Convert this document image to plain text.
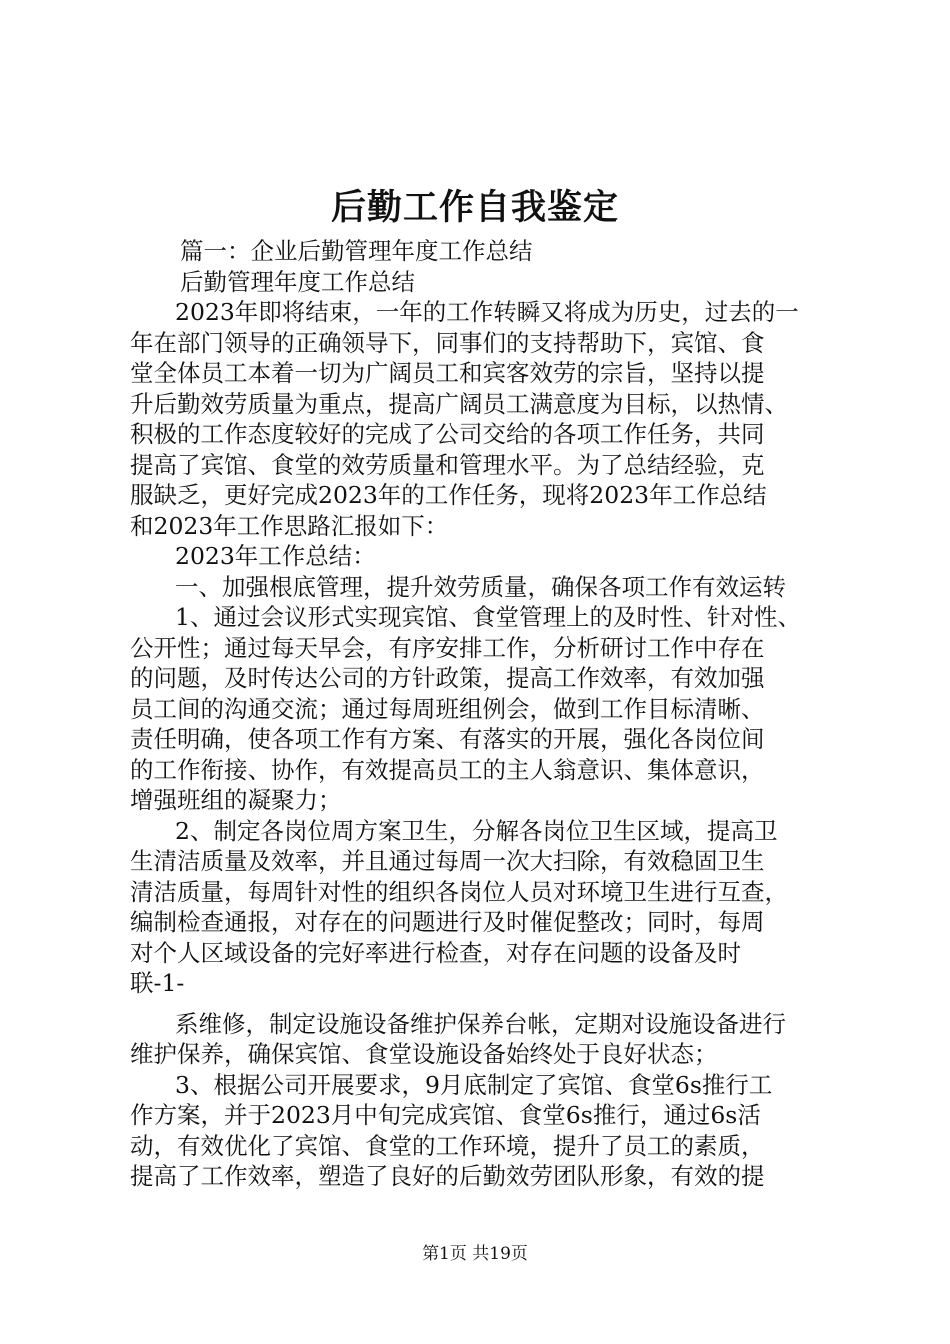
后勤工作自我鉴定
篇一：企业后勤管理年度工作总结
后勤管理年度工作总结
2023年即将结束，一年的工作转瞬又将成为历史，过去的一
年在部门领导的正确领导下，同事们的支持帮助下，宾馆、食
堂全体员工本着一切为广阔员工和宾客效劳的宗旨，坚持以提
升后勤效劳质量为重点，提高广阔员工满意度为目标，以热情、
积极的工作态度较好的完成了公司交给的各项工作任务，共同
提高了宾馆、食堂的效劳质量和管理水平。为了总结经验，克
服缺乏，更好完成2023年的工作任务，现将2023年工作总结
和2023年工作思路汇报如下：
2023年工作总结：
一、加强根底管理，提升效劳质量，确保各项工作有效运转
1、通过会议形式实现宾馆、食堂管理上的及时性、针对性、
公开性；通过每天早会，有序安排工作，分析研讨工作中存在
的问题，及时传达公司的方针政策，提高工作效率，有效加强
员工间的沟通交流；通过每周班组例会，做到工作目标清晰、
责任明确，使各项工作有方案、有落实的开展，强化各岗位间
的工作衔接、协作，有效提高员工的主人翁意识、集体意识，
增强班组的凝聚力；
2、制定各岗位周方案卫生，分解各岗位卫生区域，提高卫
生清洁质量及效率，并且通过每周一次大扫除，有效稳固卫生
清洁质量，每周针对性的组织各岗位人员对环境卫生进行互查，
编制检查通报，对存在的问题进行及时催促整改；同时，每周
对个人区域设备的完好率进行检查，对存在问题的设备及时
联-1-
系维修，制定设施设备维护保养台帐，定期对设施设备进行
维护保养，确保宾馆、食堂设施设备始终处于良好状态；
3、根据公司开展要求，9月底制定了宾馆、食堂6s推行工
作方案，并于2023月中旬完成宾馆、食堂6s推行，通过6s活
动，有效优化了宾馆、食堂的工作环境，提升了员工的素质，
提高了工作效率，塑造了良好的后勤效劳团队形象，有效的提
第1页 共19页
